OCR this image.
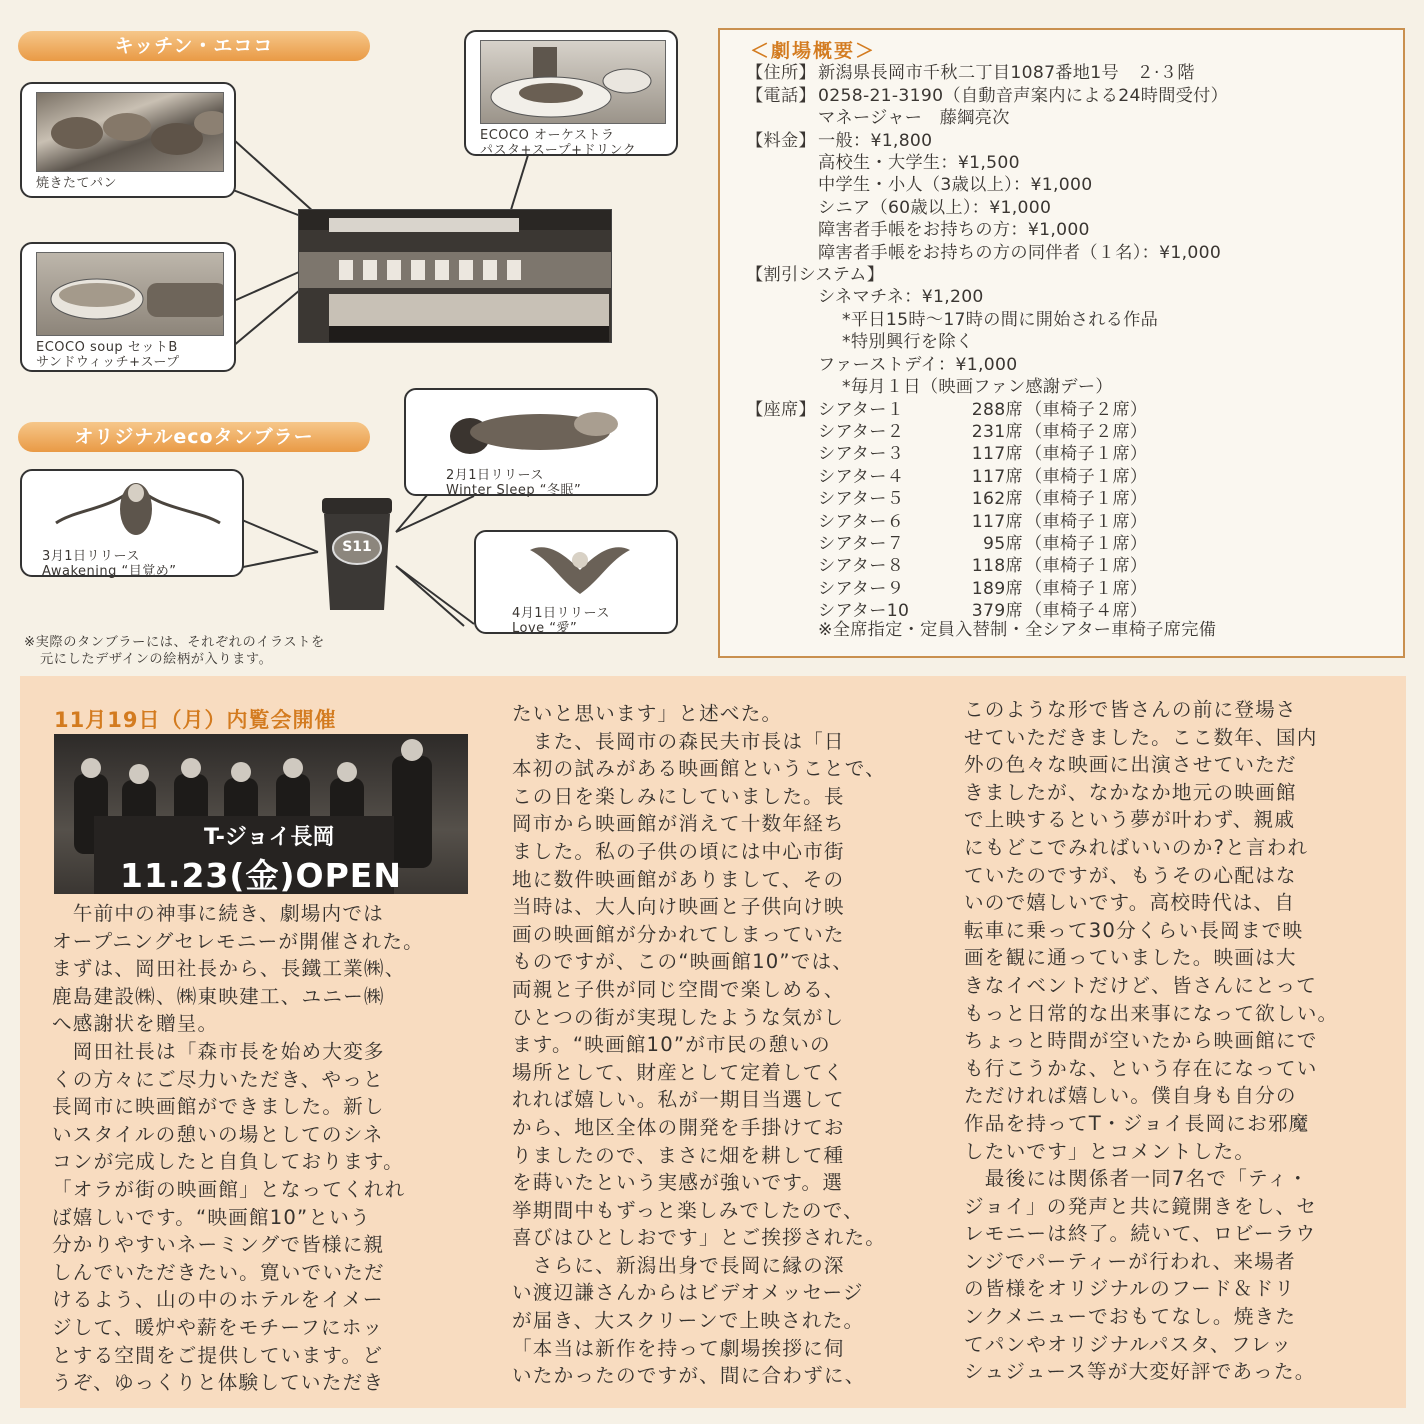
キッチン・エココ
焼きたてパン
ECOCO soup セットB
サンドウィッチ+スープ
ECOCO オーケストラ
パスタ+スープ+ドリンク
オリジナルecoタンブラー
2月1日リリース
Winter Sleep “冬眠”
3月1日リリース
Awakening “目覚め”
4月1日リリース
Love “愛”
S11
※実際のタンブラーには、それぞれのイラストを
元にしたデザインの絵柄が入ります。
＜劇場概要＞
【住所】 新潟県長岡市千秋二丁目1087番地1号　２·３階
【電話】 0258-21-3190（自動音声案内による24時間受付）
マネージャー　藤綱亮次
【料金】 一般：¥1,800
高校生・大学生：¥1,500
中学生・小人（3歳以上）：¥1,000
シニア（60歳以上）：¥1,000
障害者手帳をお持ちの方：¥1,000
障害者手帳をお持ちの方の同伴者（１名）：¥1,000
【割引システム】
シネマチネ：¥1,200
*平日15時～17時の間に開始される作品
*特別興行を除く
ファーストデイ：¥1,000
*毎月１日（映画ファン感謝デー）
【座席】 シアター１	288席 （車椅子２席）
シアター２	231席 （車椅子２席）
シアター３	117席 （車椅子１席）
シアター４	117席 （車椅子１席）
シアター５	162席 （車椅子１席）
シアター６	117席 （車椅子１席）
シアター７	95席 （車椅子１席）
シアター８	118席 （車椅子１席）
シアター９	189席 （車椅子１席）
シアター10	379席 （車椅子４席）
※全席指定・定員入替制・全シアター車椅子席完備
11月19日（月）内覧会開催
T-ジョイ長岡
11.23(金)OPEN
　午前中の神事に続き、劇場内では
オープニングセレモニーが開催された。
まずは、岡田社長から、長鐵工業㈱、
鹿島建設㈱、㈱東映建工、ユニー㈱
へ感謝状を贈呈。
　岡田社長は「森市長を始め大変多
くの方々にご尽力いただき、やっと
長岡市に映画館ができました。新し
いスタイルの憩いの場としてのシネ
コンが完成したと自負しております。
「オラが街の映画館」となってくれれ
ば嬉しいです。“映画館10”という
分かりやすいネーミングで皆様に親
しんでいただきたい。寛いでいただ
けるよう、山の中のホテルをイメー
ジして、暖炉や薪をモチーフにホッ
とする空間をご提供しています。ど
うぞ、ゆっくりと体験していただき
たいと思います」と述べた。
　また、長岡市の森民夫市長は「日
本初の試みがある映画館ということで、
この日を楽しみにしていました。長
岡市から映画館が消えて十数年経ち
ました。私の子供の頃には中心市街
地に数件映画館がありまして、その
当時は、大人向け映画と子供向け映
画の映画館が分かれてしまっていた
ものですが、この“映画館10”では、
両親と子供が同じ空間で楽しめる、
ひとつの街が実現したような気がし
ます。“映画館10”が市民の憩いの
場所として、財産として定着してく
れれば嬉しい。私が一期目当選して
から、地区全体の開発を手掛けてお
りましたので、まさに畑を耕して種
を蒔いたという実感が強いです。選
挙期間中もずっと楽しみでしたので、
喜びはひとしおです」とご挨拶された。
　さらに、新潟出身で長岡に縁の深
い渡辺謙さんからはビデオメッセージ
が届き、大スクリーンで上映された。
「本当は新作を持って劇場挨拶に伺
いたかったのですが、間に合わずに、
このような形で皆さんの前に登場さ
せていただきました。ここ数年、国内
外の色々な映画に出演させていただ
きましたが、なかなか地元の映画館
で上映するという夢が叶わず、親戚
にもどこでみればいいのか?と言われ
ていたのですが、もうその心配はな
いので嬉しいです。高校時代は、自
転車に乗って30分くらい長岡まで映
画を観に通っていました。映画は大
きなイベントだけど、皆さんにとって
もっと日常的な出来事になって欲しい。
ちょっと時間が空いたから映画館にで
も行こうかな、という存在になってい
ただければ嬉しい。僕自身も自分の
作品を持ってT・ジョイ長岡にお邪魔
したいです」とコメントした。
　最後には関係者一同7名で「ティ・
ジョイ」の発声と共に鏡開きをし、セ
レモニーは終了。続いて、ロビーラウ
ンジでパーティーが行われ、来場者
の皆様をオリジナルのフード＆ドリ
ンクメニューでおもてなし。焼きた
てパンやオリジナルパスタ、フレッ
シュジュース等が大変好評であった。
